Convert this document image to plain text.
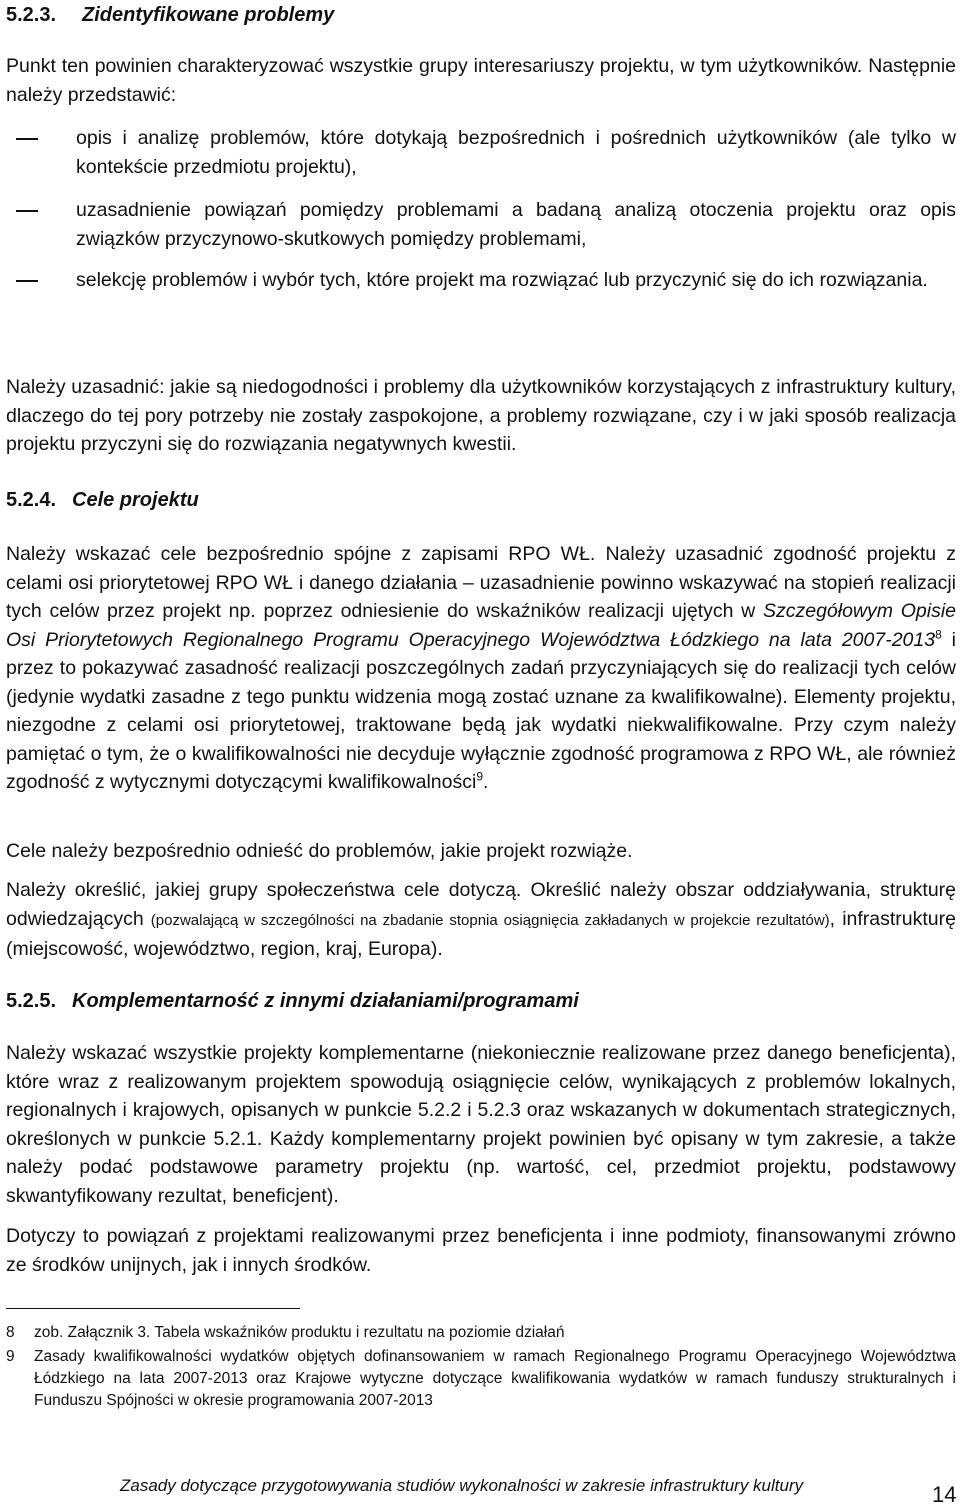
5.2.3. Zidentyfikowane problemy

Punkt ten powinien charakteryzować wszystkie grupy interesariuszy projektu, w tym użytkowników. Następnie należy przedstawić:

opis i analizę problemów, które dotykają bezpośrednich i pośrednich użytkowników (ale tylko w kontekście przedmiotu projektu),

uzasadnienie powiązań pomiędzy problemami a badaną analizą otoczenia projektu oraz opis związków przyczynowo-skutkowych pomiędzy problemami,

selekcję problemów i wybór tych, które projekt ma rozwiązać lub przyczynić się do ich rozwiązania.

Należy uzasadnić: jakie są niedogodności i problemy dla użytkowników korzystających z infrastruktury kultury, dlaczego do tej pory potrzeby nie zostały zaspokojone, a problemy rozwiązane, czy i w jaki sposób realizacja projektu przyczyni się do rozwiązania negatywnych kwestii.

5.2.4. Cele projektu

Należy wskazać cele bezpośrednio spójne z zapisami RPO WŁ. Należy uzasadnić zgodność projektu z celami osi priorytetowej RPO WŁ i danego działania – uzasadnienie powinno wskazywać na stopień realizacji tych celów przez projekt np. poprzez odniesienie do wskaźników realizacji ujętych w Szczegółowym Opisie Osi Priorytetowych Regionalnego Programu Operacyjnego Województwa Łódzkiego na lata 2007-2013$^8$ i przez to pokazywać zasadność realizacji poszczególnych zadań przyczyniających się do realizacji tych celów (jedynie wydatki zasadne z tego punktu widzenia mogą zostać uznane za kwalifikowalne). Elementy projektu, niezgodne z celami osi priorytetowej, traktowane będą jak wydatki niekwalifikowalne. Przy czym należy pamiętać o tym, że o kwalifikowalności nie decyduje wyłącznie zgodność programowa z RPO WŁ, ale również zgodność z wytycznymi dotyczącymi kwalifikowalności$^9$.

Cele należy bezpośrednio odnieść do problemów, jakie projekt rozwiąże.

Należy określić, jakiej grupy społeczeństwa cele dotyczą. Określić należy obszar oddziaływania, strukturę odwiedzających (pozwalającą w szczególności na zbadanie stopnia osiągnięcia zakładanych w projekcie rezultatów), infrastrukturę (miejscowość, województwo, region, kraj, Europa).

5.2.5. Komplementarność z innymi działaniami/programami

Należy wskazać wszystkie projekty komplementarne (niekoniecznie realizowane przez danego beneficjenta), które wraz z realizowanym projektem spowodują osiągnięcie celów, wynikających z problemów lokalnych, regionalnych i krajowych, opisanych w punkcie 5.2.2 i 5.2.3 oraz wskazanych w dokumentach strategicznych, określonych w punkcie 5.2.1. Każdy komplementarny projekt powinien być opisany w tym zakresie, a także należy podać podstawowe parametry projektu (np. wartość, cel, przedmiot projektu, podstawowy skwantyfikowany rezultat, beneficjent).

Dotyczy to powiązań z projektami realizowanymi przez beneficjenta i inne podmioty, finansowanymi zrówno ze środków unijnych, jak i innych środków.

8 zob. Załącznik 3. Tabela wskaźników produktu i rezultatu na poziomie działań

9 Zasady kwalifikowalności wydatków objętych dofinansowaniem w ramach Regionalnego Programu Operacyjnego Województwa Łódzkiego na lata 2007-2013 oraz Krajowe wytyczne dotyczące kwalifikowania wydatków w ramach funduszy strukturalnych i Funduszu Spójności w okresie programowania 2007-2013

Zasady dotyczące przygotowywania studiów wykonalności w zakresie infrastruktury kultury	14
